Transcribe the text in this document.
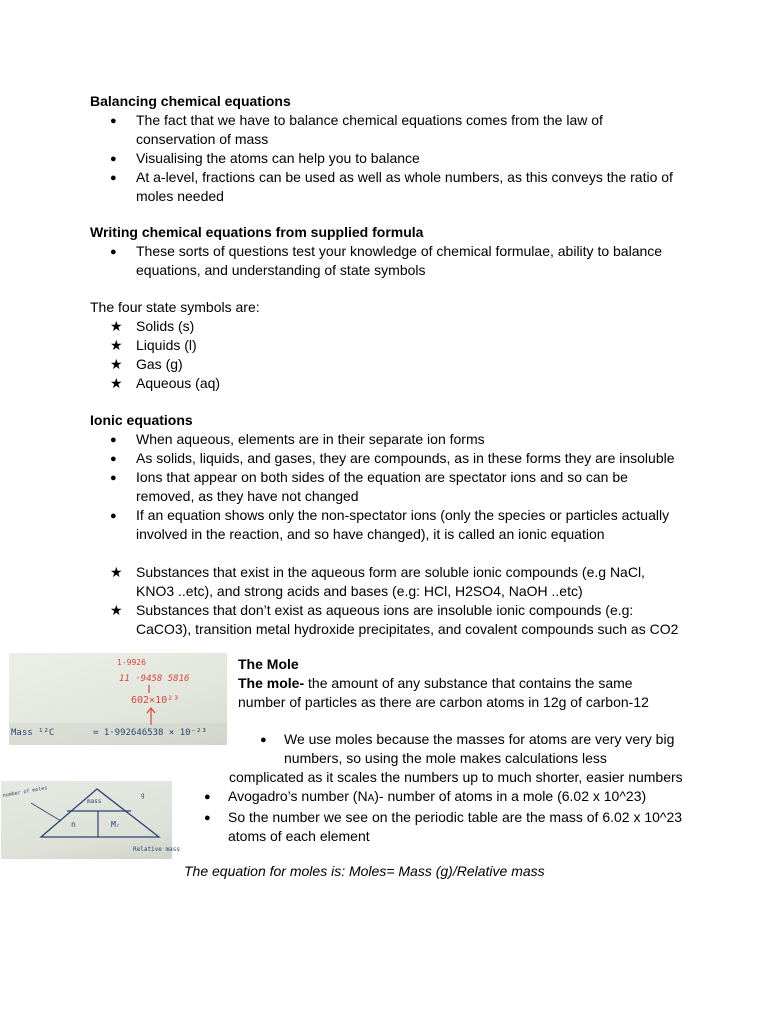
Balancing chemical equations
●	The fact that we have to balance chemical equations comes from the law of
conservation of mass
●	Visualising the atoms can help you to balance
●	At a-level, fractions can be used as well as whole numbers, as this conveys the ratio of
moles needed
Writing chemical equations from supplied formula
●	These sorts of questions test your knowledge of chemical formulae, ability to balance
equations, and understanding of state symbols
The four state symbols are:
★ Solids (s)
★ Liquids (l)
★ Gas (g)
★ Aqueous (aq)
Ionic equations
●	When aqueous, elements are in their separate ion forms
●	As solids, liquids, and gases, they are compounds, as in these forms they are insoluble
●	Ions that appear on both sides of the equation are spectator ions and so can be
removed, as they have not changed
●	If an equation shows only the non-spectator ions (only the species or particles actually
involved in the reaction, and so have changed), it is called an ionic equation
★ Substances that exist in the aqueous form are soluble ionic compounds (e.g NaCl,
KNO3 ..etc), and strong acids and bases (e.g: HCl, H2SO4, NaOH ..etc)
★ Substances that don’t exist as aqueous ions are insoluble ionic compounds (e.g:
CaCO3), transition metal hydroxide precipitates, and covalent compounds such as CO2
1·9926
11 ·9458 5816
602×10²³
Mass ¹²C	= 1·992646538 × 10⁻²³
mass
g
n	Mᵣ
number of moles
Relative mass
The Mole
The mole- the amount of any substance that contains the same
number of particles as there are carbon atoms in 12g of carbon-12
● We use moles because the masses for atoms are very very big
numbers, so using the mole makes calculations less
complicated as it scales the numbers up to much shorter, easier numbers
● Avogadro’s number (NA)- number of atoms in a mole (6.02 x 10^23)
● So the number we see on the periodic table are the mass of 6.02 x 10^23
atoms of each element
The equation for moles is: Moles= Mass (g)/Relative mass
